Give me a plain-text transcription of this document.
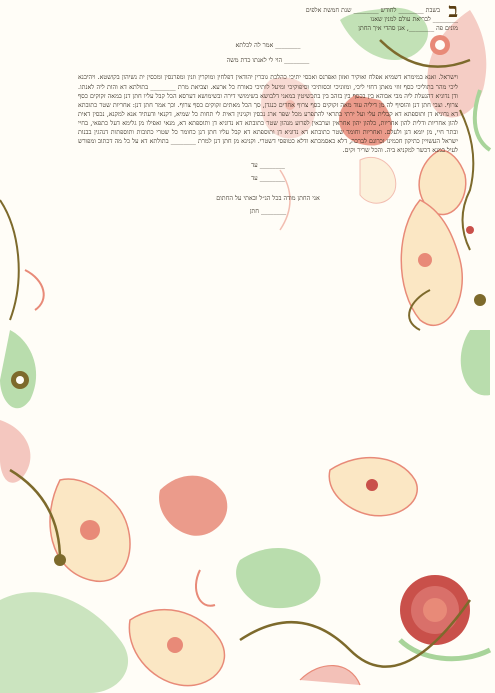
ב
בשבת ________ לחודש ________ שנת חמשת אלפים
________ לבריאת עולם למנין שאנו
מונים פה ________, אנן סהדי איך החתן
________ אמר לה לכלתא
________ הוי לי לאנתו כדת משה
וישראל. ואנא במימרא דשמיא אפלח ואוקיר ואזון ואפרנס ואכסי יתיכי כהלכת גוברין יהודאין דפלחין ומוקרין וזנין ומפרנסין ומכסין ית נשיהון בקושטא. ויהיבנא ליכי מהר בתוליכי כסף זוזי מאתן דחזי ליכי, ומזוניכי וכסותיכי וסיפוקיכי ומיעל לותיכי כאורח כל ארעא. וצביאת מרת ________ בתולתא דא והות ליה לאנתו. ודן נדוניא דהנעלת ליה מבי אבוהא בין בכסף בין בזהב בין בתכשיטין במאני דלבושא בשימושי דירה ובשימושא דערסא הכל קבל עליו חתן דנן במאה זקוקים כסף צרוף. וצבי חתן דנן והוסיף לה מן דיליה עוד מאה זקוקים כסף צרוף אחרים כנגדן, סך הכל מאתים זקוקים כסף צרוף. וכך אמר חתן דנן: אחריות שטר כתובתא דא נדוניא דן ותוספתא דא קבלית עלי ועל ירתי בתראי להתפרע מכל שפר ארג נכסין וקנינין דאית לי תחות כל שמיא, דקנאי ודעתיד אנא למקנא, נכסין דאית להון אחריות ודלית להון אחריות, כלהון יהון אחראין וערבאין לפרוע מנהון שטר כתובתא דא נדוניא דן ותוספתא דא, מנאי ואפילו מן גלימא דעל כתפאי, בחיי ובתר חיי, מן יומא דנן ולעלם. ואחריות וחומר שטר כתובתא דא נדוניא דן ותוספתא דא קבל עליו חתן דנן כחומר כל שטרי כתובות ותוספתות דנהגין בבנות ישראל העשויין כתיקון חכמינו זכרונם לברכה, דלא כאסמכתא ודלא כטופסי דשטרי. וקנינא מן חתן דנן למרת ________ בתולתא דא על כל מה דכתוב ומפורש לעיל במנא דכשר למקניא ביה. והכל שריר וקים.
________ עד
________ עד
אני החתן מודה בכל הנ״ל ובאתי על החתום
________ חתן
